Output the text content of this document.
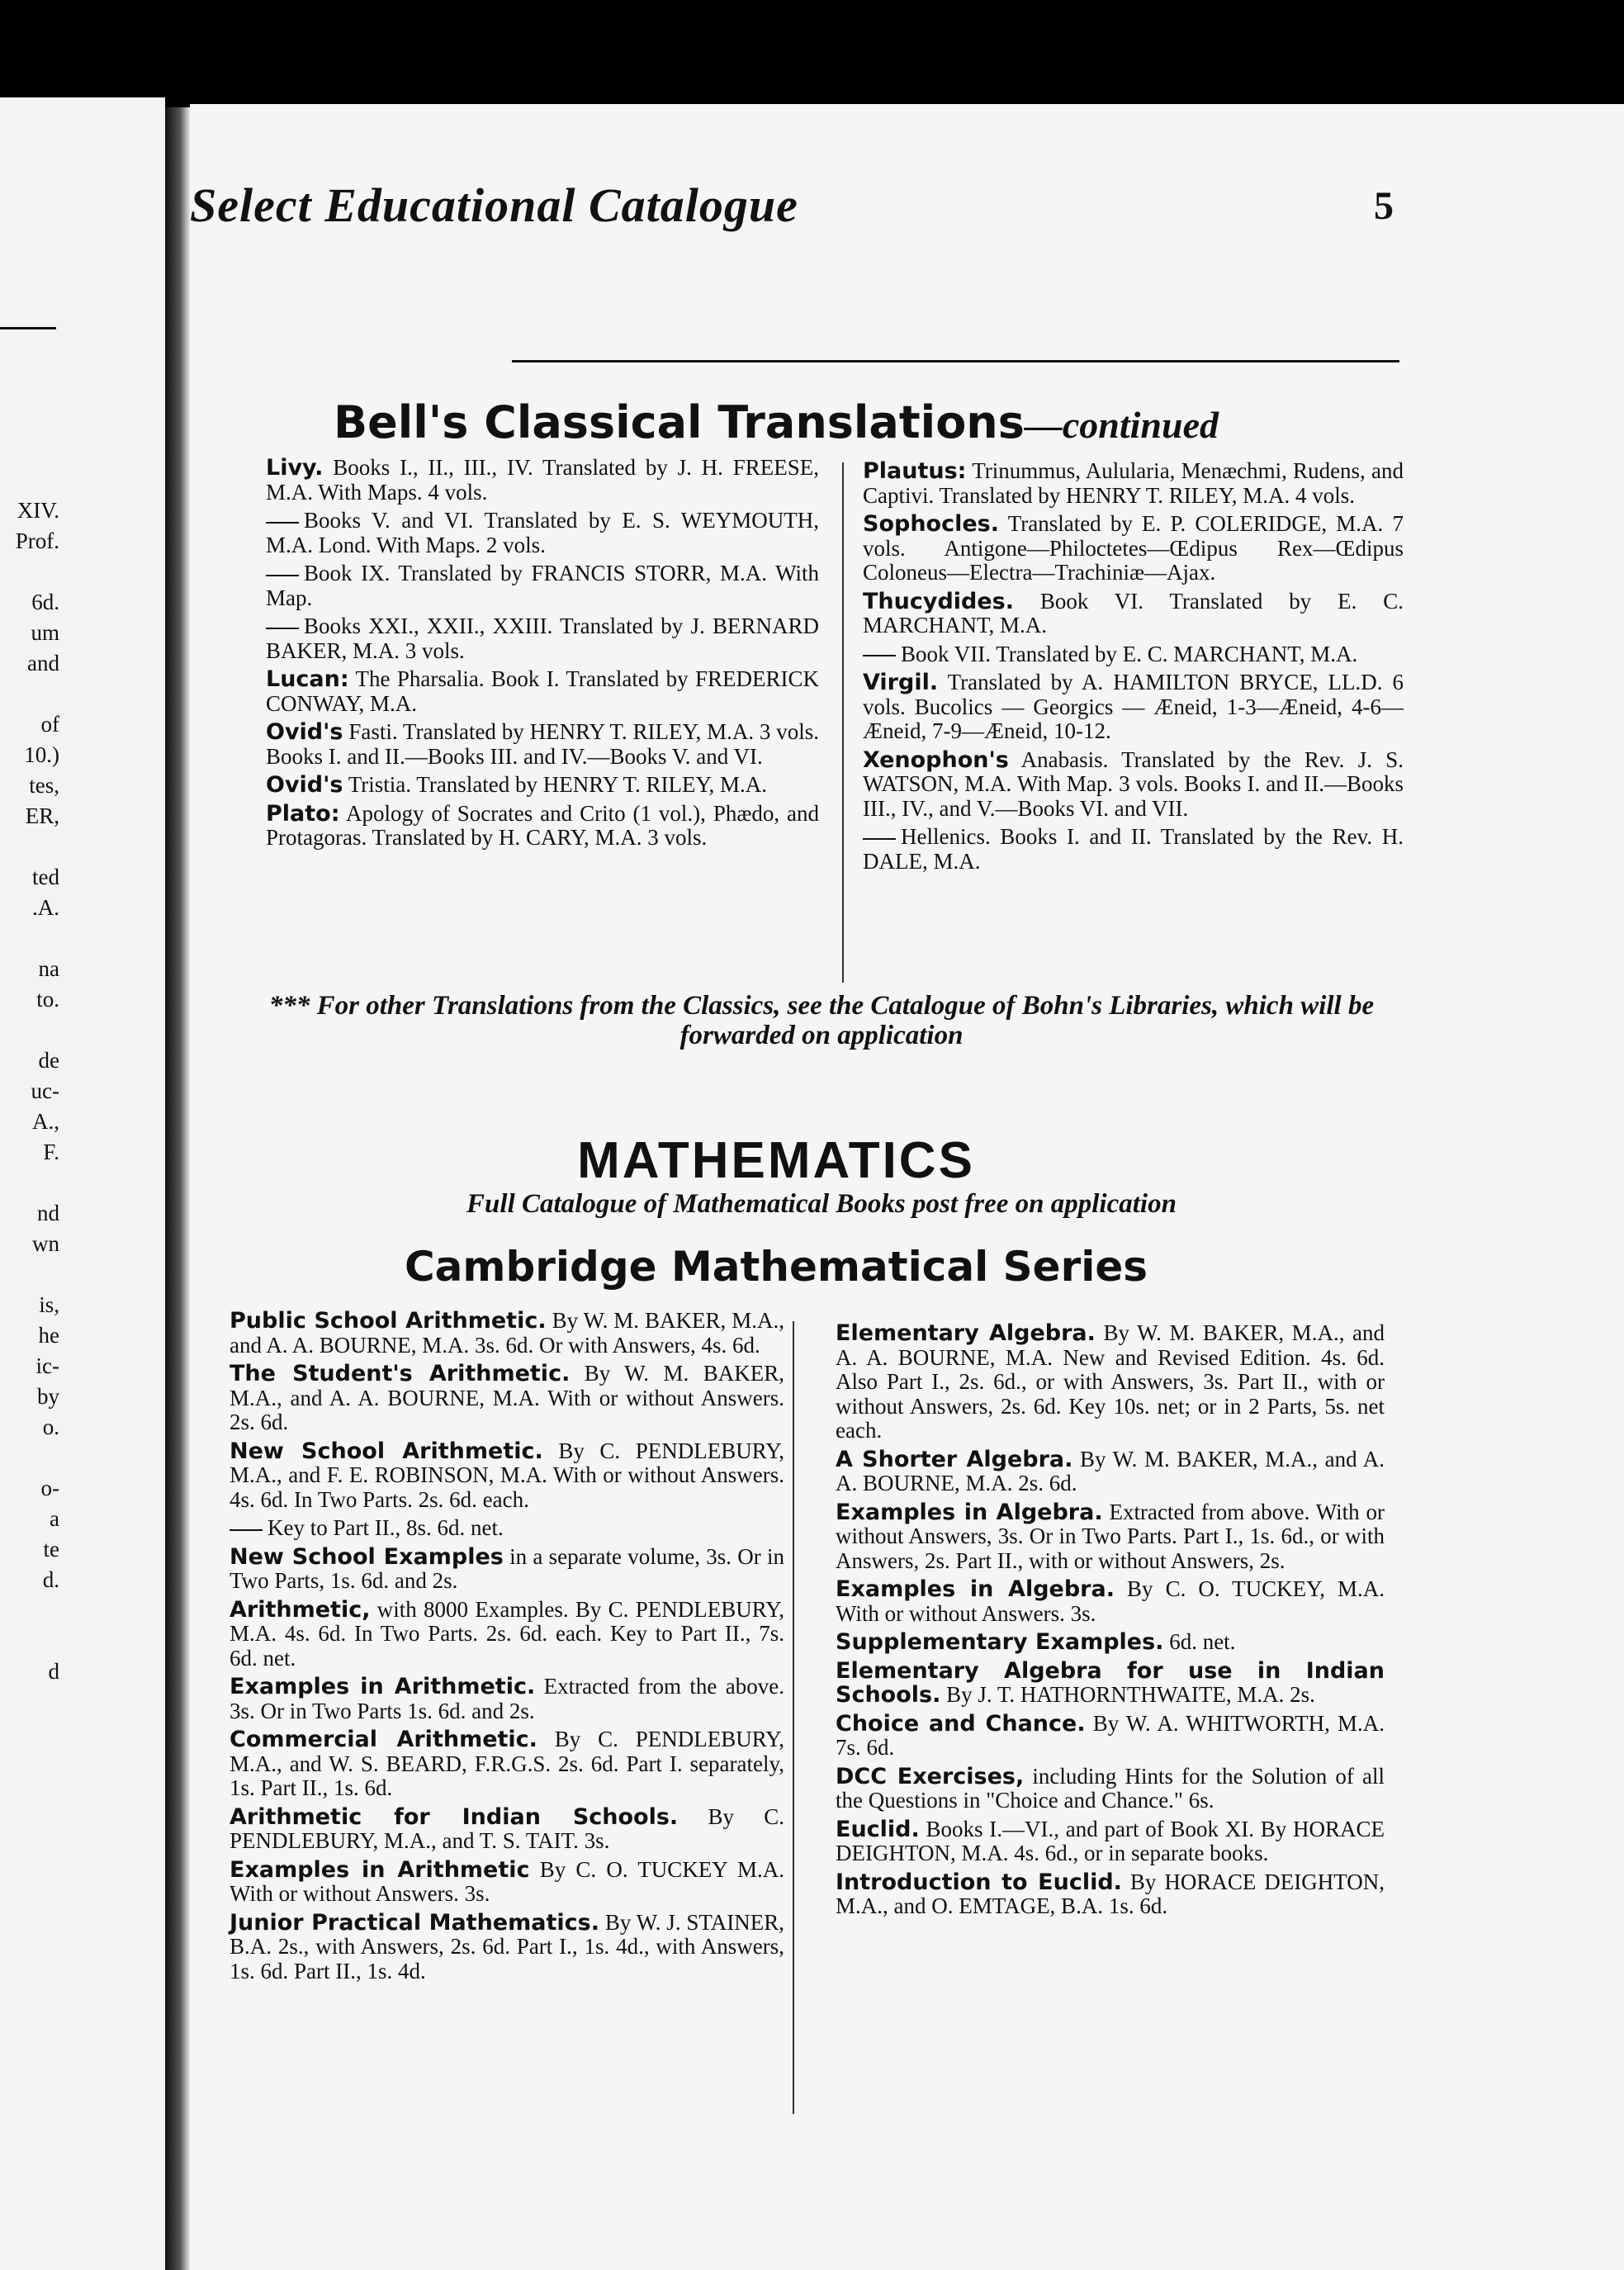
XIV.
Prof.
6d.
um
and
of
10.)
tes,
ER,
ted
.A.
na
to.
de
uc-
A.,
F.
nd
wn
is,
he
ic-
by
o.
o-
a
te
d.
d
Select Educational Catalogue	5
Bell's Classical Translations—continued

Livy. Books I., II., III., IV. Translated by J. H. FREESE, M.A. With Maps. 4 vols.

Books V. and VI. Translated by E. S. WEYMOUTH, M.A. Lond. With Maps. 2 vols.

Book IX. Translated by FRANCIS STORR, M.A. With Map.

Books XXI., XXII., XXIII. Translated by J. BERNARD BAKER, M.A. 3 vols.

Lucan: The Pharsalia. Book I. Translated by FREDERICK CONWAY, M.A.

Ovid's Fasti. Translated by HENRY T. RILEY, M.A. 3 vols. Books I. and II.—Books III. and IV.—Books V. and VI.

Ovid's Tristia. Translated by HENRY T. RILEY, M.A.

Plato: Apology of Socrates and Crito (1 vol.), Phædo, and Protagoras. Translated by H. CARY, M.A. 3 vols.

Plautus: Trinummus, Aulularia, Menæchmi, Rudens, and Captivi. Translated by HENRY T. RILEY, M.A. 4 vols.

Sophocles. Translated by E. P. COLERIDGE, M.A. 7 vols. Antigone—Philoctetes—Œdipus Rex—Œdipus Coloneus—Electra—Trachiniæ—Ajax.

Thucydides. Book VI. Translated by E. C. MARCHANT, M.A.

Book VII. Translated by E. C. MARCHANT, M.A.

Virgil. Translated by A. HAMILTON BRYCE, LL.D. 6 vols. Bucolics — Georgics — Æneid, 1-3—Æneid, 4-6—Æneid, 7-9—Æneid, 10-12.

Xenophon's Anabasis. Translated by the Rev. J. S. WATSON, M.A. With Map. 3 vols. Books I. and II.—Books III., IV., and V.—Books VI. and VII.

Hellenics. Books I. and II. Translated by the Rev. H. DALE, M.A.

*** For other Translations from the Classics, see the Catalogue of Bohn's Libraries, which will be forwarded on application
MATHEMATICS
Full Catalogue of Mathematical Books post free on application
Cambridge Mathematical Series

Public School Arithmetic. By W. M. BAKER, M.A., and A. A. BOURNE, M.A. 3s. 6d. Or with Answers, 4s. 6d.

The Student's Arithmetic. By W. M. BAKER, M.A., and A. A. BOURNE, M.A. With or without Answers. 2s. 6d.

New School Arithmetic. By C. PENDLEBURY, M.A., and F. E. ROBINSON, M.A. With or without Answers. 4s. 6d. In Two Parts. 2s. 6d. each.

Key to Part II., 8s. 6d. net.

New School Examples in a separate volume, 3s. Or in Two Parts, 1s. 6d. and 2s.

Arithmetic, with 8000 Examples. By C. PENDLEBURY, M.A. 4s. 6d. In Two Parts. 2s. 6d. each. Key to Part II., 7s. 6d. net.

Examples in Arithmetic. Extracted from the above. 3s. Or in Two Parts 1s. 6d. and 2s.

Commercial Arithmetic. By C. PENDLEBURY, M.A., and W. S. BEARD, F.R.G.S. 2s. 6d. Part I. separately, 1s. Part II., 1s. 6d.

Arithmetic for Indian Schools. By C. PENDLEBURY, M.A., and T. S. TAIT. 3s.

Examples in Arithmetic By C. O. TUCKEY M.A. With or without Answers. 3s.

Junior Practical Mathematics. By W. J. STAINER, B.A. 2s., with Answers, 2s. 6d. Part I., 1s. 4d., with Answers, 1s. 6d. Part II., 1s. 4d.

Elementary Algebra. By W. M. BAKER, M.A., and A. A. BOURNE, M.A. New and Revised Edition. 4s. 6d. Also Part I., 2s. 6d., or with Answers, 3s. Part II., with or without Answers, 2s. 6d. Key 10s. net; or in 2 Parts, 5s. net each.

A Shorter Algebra. By W. M. BAKER, M.A., and A. A. BOURNE, M.A. 2s. 6d.

Examples in Algebra. Extracted from above. With or without Answers, 3s. Or in Two Parts. Part I., 1s. 6d., or with Answers, 2s. Part II., with or without Answers, 2s.

Examples in Algebra. By C. O. TUCKEY, M.A. With or without Answers. 3s.

Supplementary Examples. 6d. net.

Elementary Algebra for use in Indian Schools. By J. T. HATHORNTHWAITE, M.A. 2s.

Choice and Chance. By W. A. WHITWORTH, M.A. 7s. 6d.

DCC Exercises, including Hints for the Solution of all the Questions in "Choice and Chance." 6s.

Euclid. Books I.—VI., and part of Book XI. By HORACE DEIGHTON, M.A. 4s. 6d., or in separate books.

Introduction to Euclid. By HORACE DEIGHTON, M.A., and O. EMTAGE, B.A. 1s. 6d.
